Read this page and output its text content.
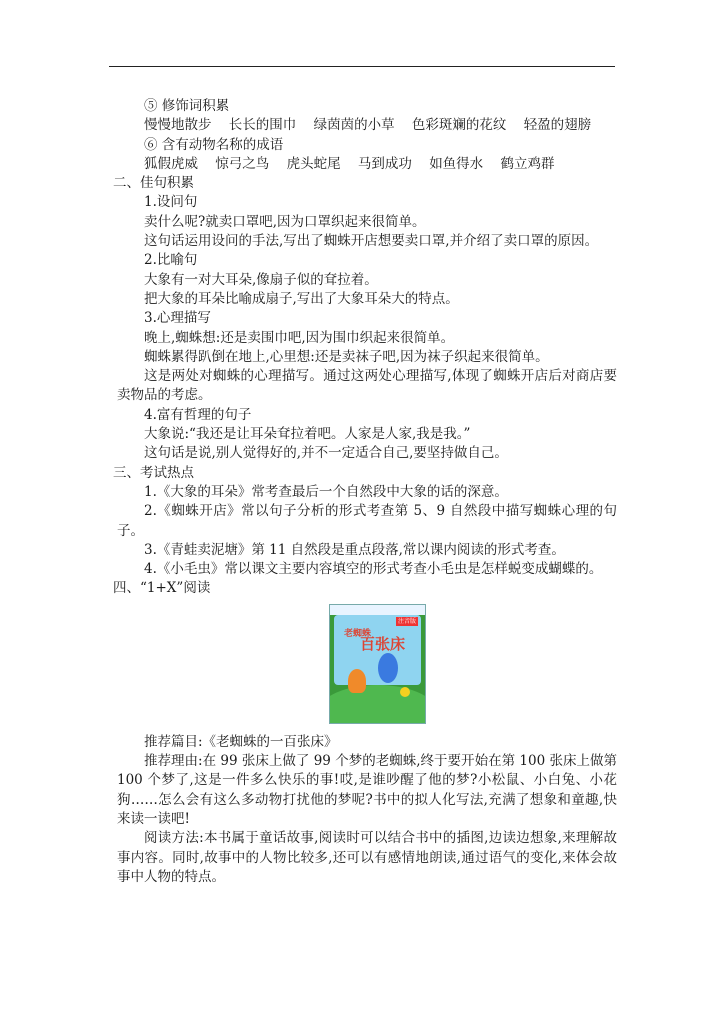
⑤ 修饰词积累
慢慢地散步 长长的围巾 绿茵茵的小草 色彩斑斓的花纹 轻盈的翅膀
⑥ 含有动物名称的成语
狐假虎威 惊弓之鸟 虎头蛇尾 马到成功 如鱼得水 鹤立鸡群
二、佳句积累
1.设问句
卖什么呢?就卖口罩吧,因为口罩织起来很简单。
这句话运用设问的手法,写出了蜘蛛开店想要卖口罩,并介绍了卖口罩的原因。
2.比喻句
大象有一对大耳朵,像扇子似的耷拉着。
把大象的耳朵比喻成扇子,写出了大象耳朵大的特点。
3.心理描写
晚上,蜘蛛想:还是卖围巾吧,因为围巾织起来很简单。
蜘蛛累得趴倒在地上,心里想:还是卖袜子吧,因为袜子织起来很简单。
这是两处对蜘蛛的心理描写。通过这两处心理描写,体现了蜘蛛开店后对商店要卖物品的考虑。
4.富有哲理的句子
大象说:“我还是让耳朵耷拉着吧。人家是人家,我是我。”
这句话是说,别人觉得好的,并不一定适合自己,要坚持做自己。
三、考试热点
1.《大象的耳朵》常考查最后一个自然段中大象的话的深意。
2.《蜘蛛开店》常以句子分析的形式考查第 5、9 自然段中描写蜘蛛心理的句子。
3.《青蛙卖泥塘》第 11 自然段是重点段落,常以课内阅读的形式考查。
4.《小毛虫》常以课文主要内容填空的形式考查小毛虫是怎样蜕变成蝴蝶的。
四、“1+X”阅读
老蜘蛛
百张床
注音版
推荐篇目:《老蜘蛛的一百张床》
推荐理由:在 99 张床上做了 99 个梦的老蜘蛛,终于要开始在第 100 张床上做第 100 个梦了,这是一件多么快乐的事!哎,是谁吵醒了他的梦?小松鼠、小白兔、小花狗……怎么会有这么多动物打扰他的梦呢?书中的拟人化写法,充满了想象和童趣,快来读一读吧!
阅读方法:本书属于童话故事,阅读时可以结合书中的插图,边读边想象,来理解故事内容。同时,故事中的人物比较多,还可以有感情地朗读,通过语气的变化,来体会故事中人物的特点。
